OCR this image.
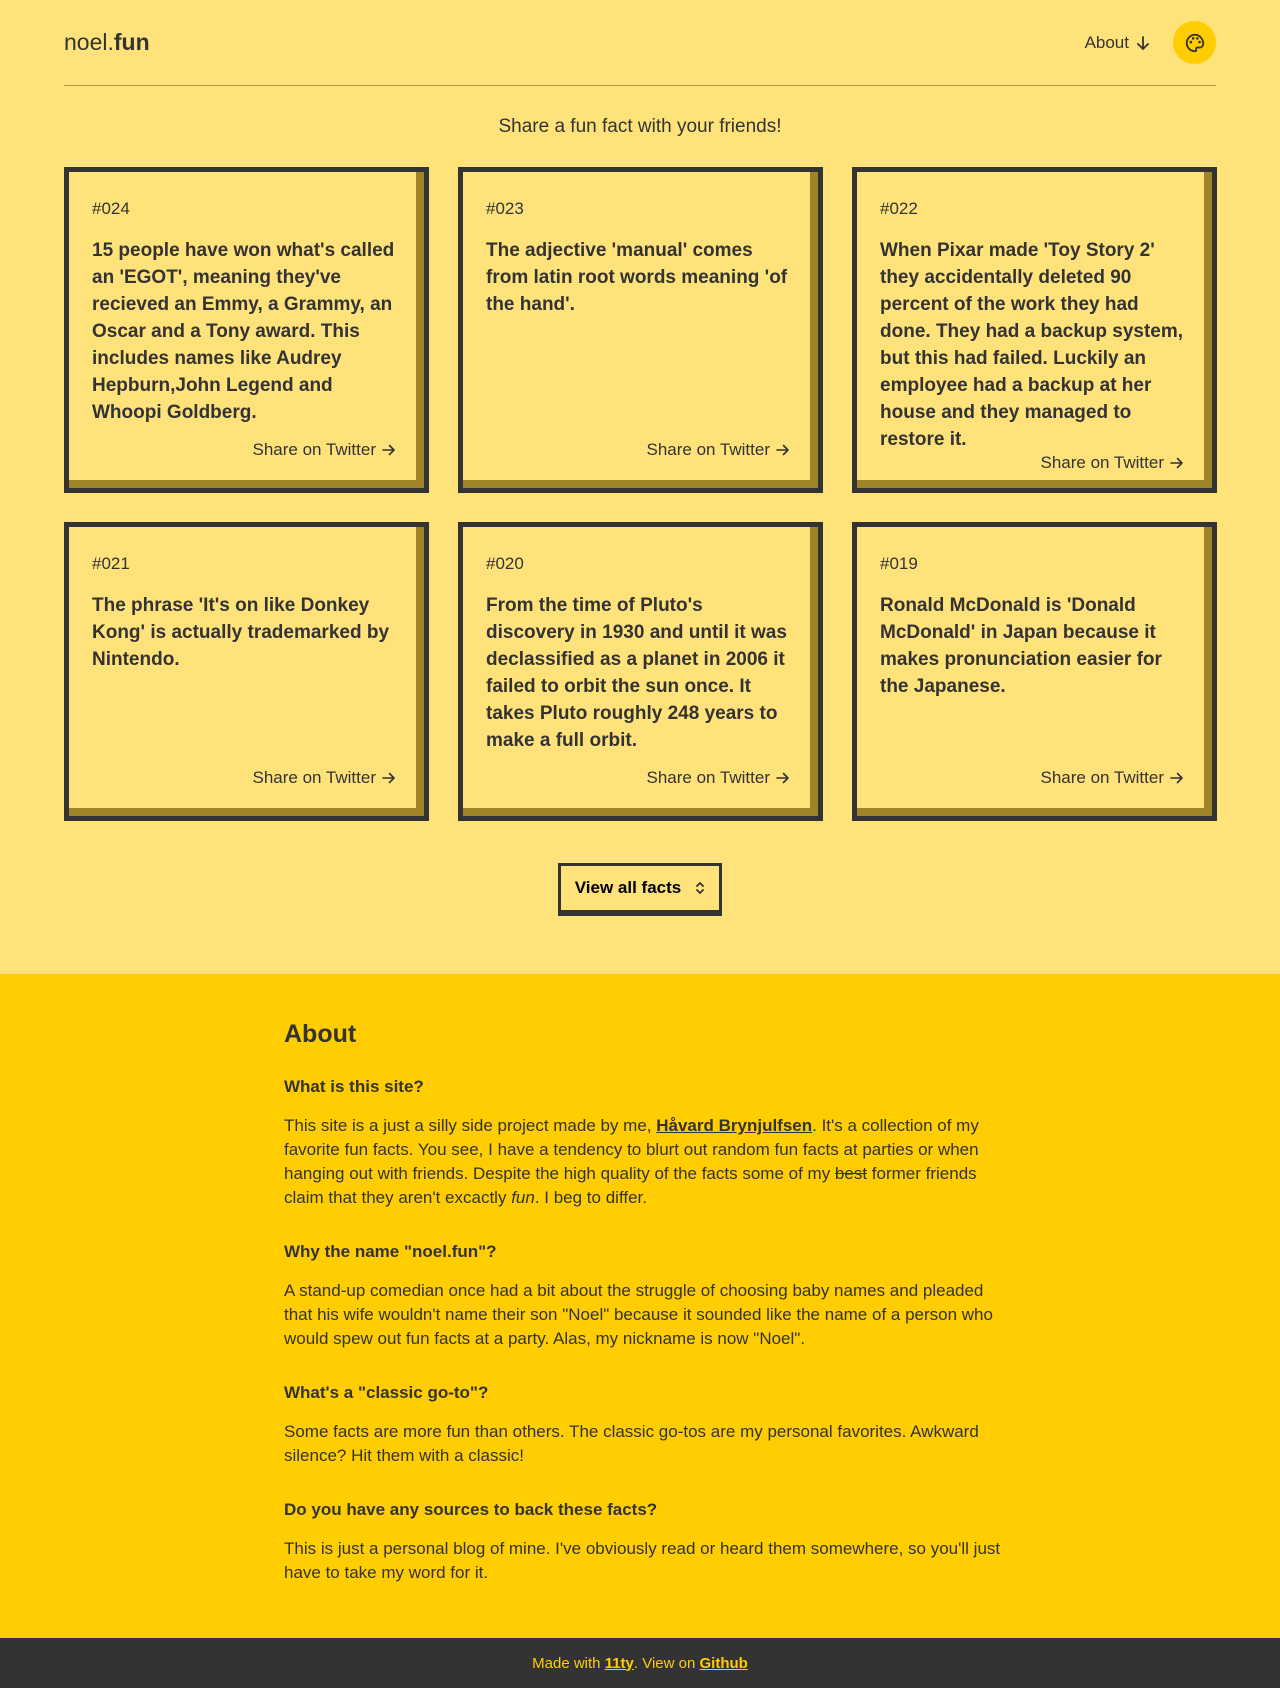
noel.fun	About
Share a fun fact with your friends!
#024
15 people have won what's called an 'EGOT', meaning they've recieved an Emmy, a Grammy, an Oscar and a Tony award. This includes names like Audrey Hepburn,John Legend and Whoopi Goldberg.
Share on Twitter
#023
The adjective 'manual' comes from latin root words meaning 'of the hand'.
Share on Twitter
#022
When Pixar made 'Toy Story 2' they accidentally deleted 90 percent of the work they had done. They had a backup system, but this had failed. Luckily an employee had a backup at her house and they managed to restore it.
Share on Twitter
#021
The phrase 'It's on like Donkey Kong' is actually trademarked by Nintendo.
Share on Twitter
#020
From the time of Pluto's discovery in 1930 and until it was declassified as a planet in 2006 it failed to orbit the sun once. It takes Pluto roughly 248 years to make a full orbit.
Share on Twitter
#019
Ronald McDonald is 'Donald McDonald' in Japan because it makes pronunciation easier for the Japanese.
Share on Twitter
View all facts
About
What is this site?

This site is a just a silly side project made by me, Håvard Brynjulfsen. It's a collection of my favorite fun facts. You see, I have a tendency to blurt out random fun facts at parties or when hanging out with friends. Despite the high quality of the facts some of my best former friends claim that they aren't excactly fun. I beg to differ.

Why the name "noel.fun"?

A stand-up comedian once had a bit about the struggle of choosing baby names and pleaded that his wife wouldn't name their son "Noel" because it sounded like the name of a person who would spew out fun facts at a party. Alas, my nickname is now "Noel".

What's a "classic go-to"?

Some facts are more fun than others. The classic go-tos are my personal favorites. Awkward silence? Hit them with a classic!

Do you have any sources to back these facts?

This is just a personal blog of mine. I've obviously read or heard them somewhere, so you'll just have to take my word for it.

Made with
11ty . View on
Github
